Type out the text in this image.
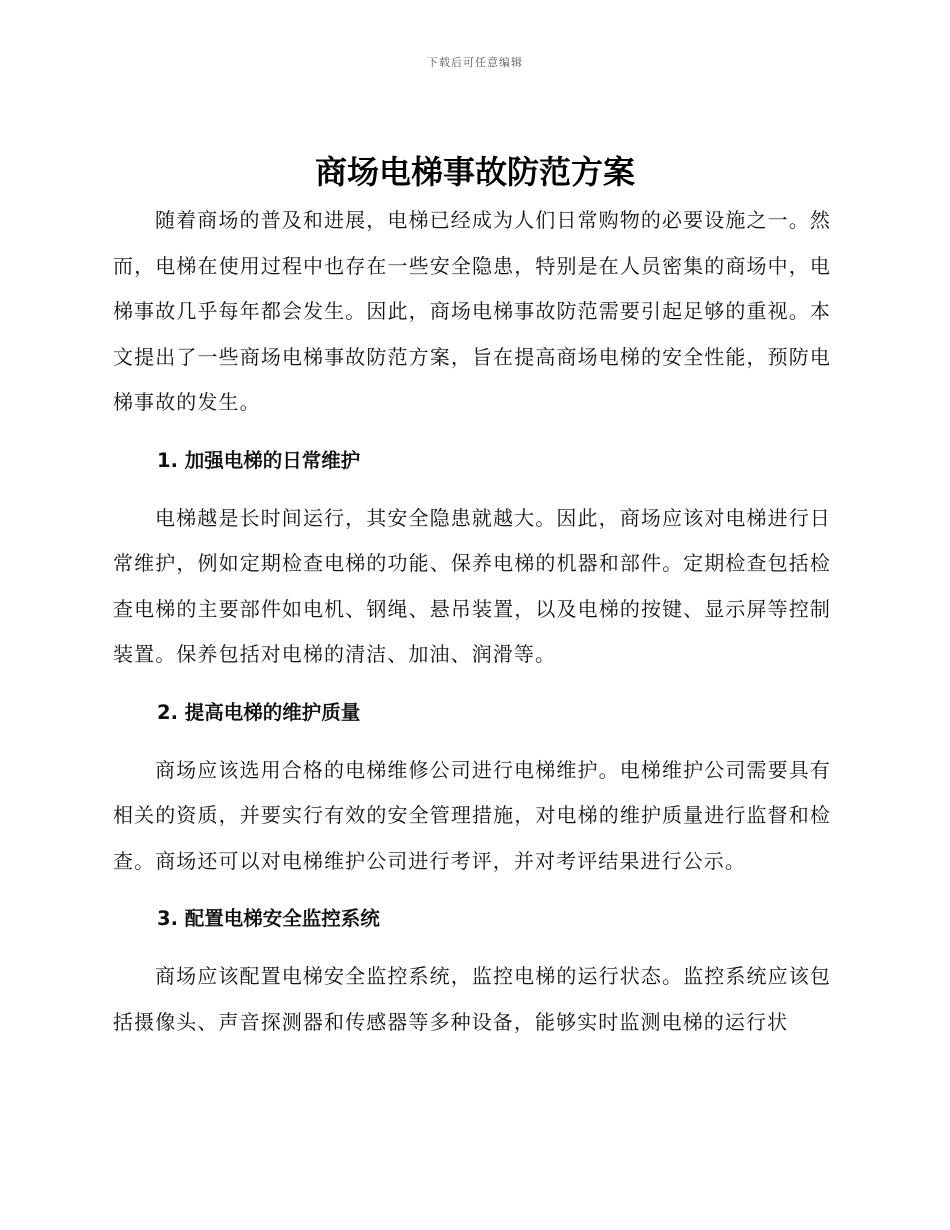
下载后可任意编辑
商场电梯事故防范方案

随着商场的普及和进展，电梯已经成为人们日常购物的必要设施之一。然而，电梯在使用过程中也存在一些安全隐患，特别是在人员密集的商场中，电梯事故几乎每年都会发生。因此，商场电梯事故防范需要引起足够的重视。本文提出了一些商场电梯事故防范方案，旨在提高商场电梯的安全性能，预防电梯事故的发生。

1. 加强电梯的日常维护

电梯越是长时间运行，其安全隐患就越大。因此，商场应该对电梯进行日常维护，例如定期检查电梯的功能、保养电梯的机器和部件。定期检查包括检查电梯的主要部件如电机、钢绳、悬吊装置，以及电梯的按键、显示屏等控制装置。保养包括对电梯的清洁、加油、润滑等。

2. 提高电梯的维护质量

商场应该选用合格的电梯维修公司进行电梯维护。电梯维护公司需要具有相关的资质，并要实行有效的安全管理措施，对电梯的维护质量进行监督和检查。商场还可以对电梯维护公司进行考评，并对考评结果进行公示。

3. 配置电梯安全监控系统

商场应该配置电梯安全监控系统，监控电梯的运行状态。监控系统应该包括摄像头、声音探测器和传感器等多种设备，能够实时监测电梯的运行状
